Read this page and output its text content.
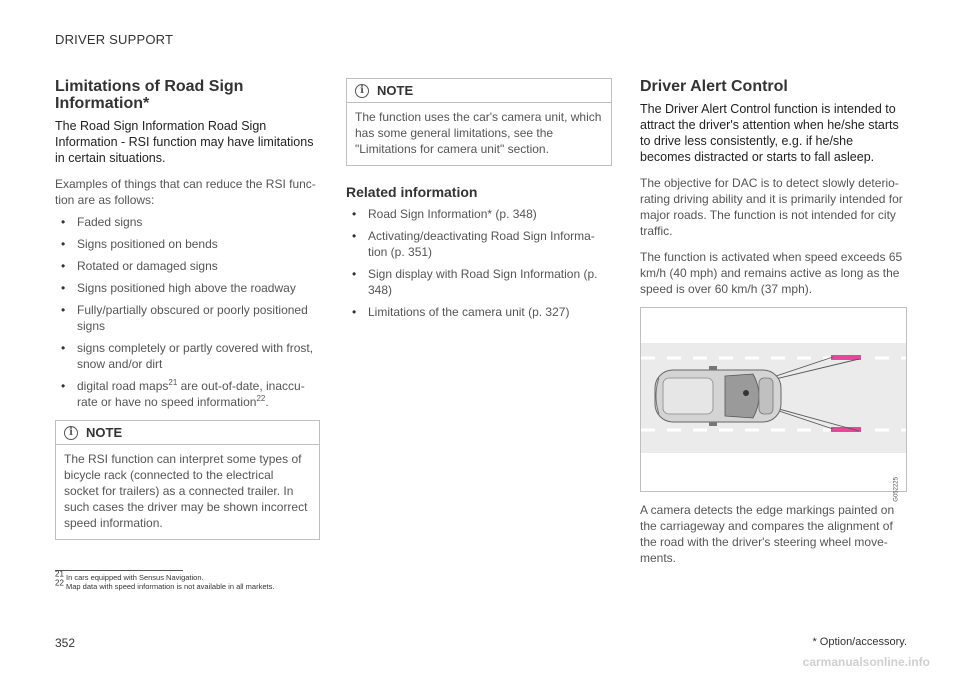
DRIVER SUPPORT
Limitations of Road Sign Information*

The Road Sign Information Road Sign Information - RSI function may have limitations in certain situations.

Examples of things that can reduce the RSI func- tion are as follows:

• Faded signs
• Signs positioned on bends
• Rotated or damaged signs
• Signs positioned high above the roadway
• Fully/partially obscured or poorly positioned signs
• signs completely or partly covered with frost, snow and/or dirt
• digital road maps$^{21}$ are out-of-date, inaccu- rate or have no speed information$^{22}$.
i	NOTE
The RSI function can interpret some types of bicycle rack (connected to the electrical socket for trailers) as a connected trailer. In such cases the driver may be shown incorrect speed information.
i	NOTE
The function uses the car's camera unit, which has some general limitations, see the "Limitations for camera unit" section.
Related information
• Road Sign Information* (p. 348)
• Activating/deactivating Road Sign Informa- tion (p. 351)
• Sign display with Road Sign Information (p. 348)
• Limitations of the camera unit (p. 327)
Driver Alert Control

The Driver Alert Control function is intended to attract the driver's attention when he/she starts to drive less consistently, e.g. if he/she becomes distracted or starts to fall asleep.

The objective for DAC is to detect slowly deterio- rating driving ability and it is primarily intended for major roads. The function is not intended for city traffic.

The function is activated when speed exceeds 65 km/h (40 mph) and remains active as long as the speed is over 60 km/h (37 mph).

G052225

A camera detects the edge markings painted on the carriageway and compares the alignment of the road with the driver's steering wheel move- ments.

$^{21}$ In cars equipped with Sensus Navigation.
$^{22}$ Map data with speed information is not available in all markets.
352	* Option/accessory.
carmanualsonline.info
